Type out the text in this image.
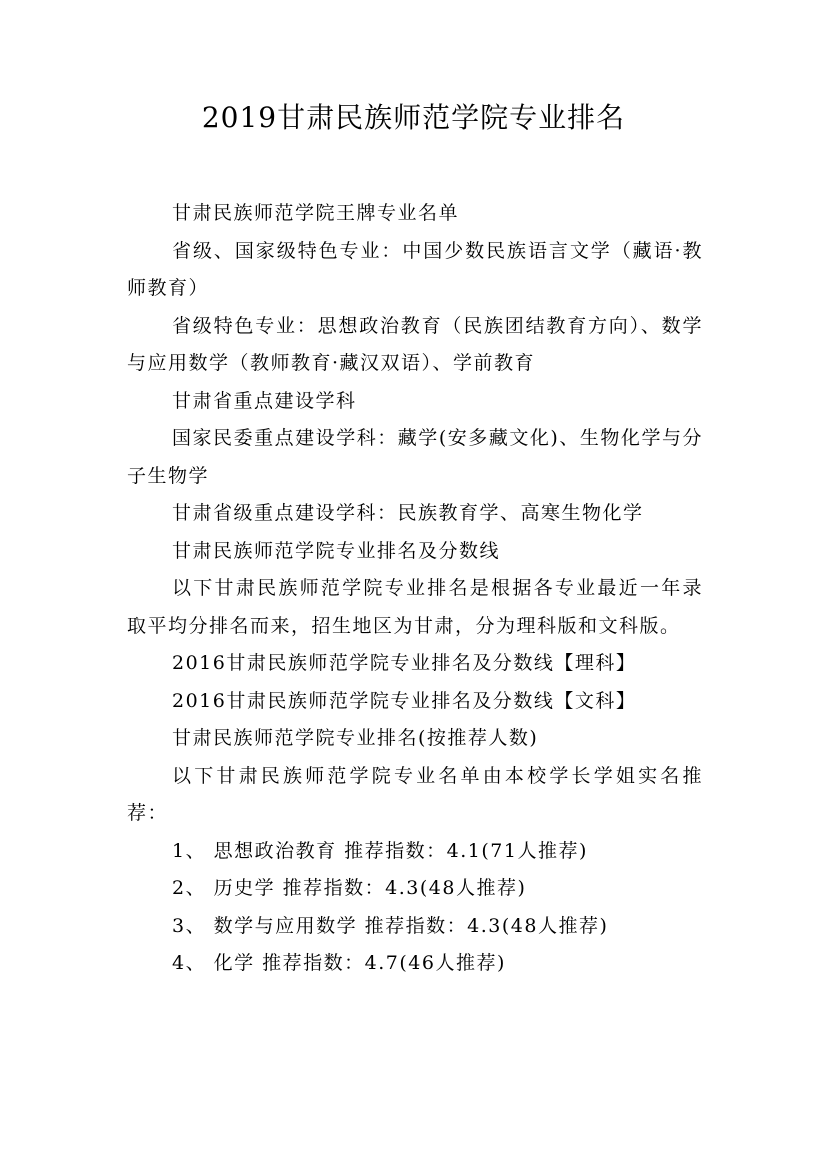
2019甘肃民族师范学院专业排名

甘肃民族师范学院王牌专业名单

省级、国家级特色专业：中国少数民族语言文学（藏语·教师教育）

省级特色专业：思想政治教育（民族团结教育方向）、数学与应用数学（教师教育·藏汉双语）、学前教育

甘肃省重点建设学科

国家民委重点建设学科：藏学(安多藏文化)、生物化学与分子生物学

甘肃省级重点建设学科：民族教育学、高寒生物化学

甘肃民族师范学院专业排名及分数线

以下甘肃民族师范学院专业排名是根据各专业最近一年录取平均分排名而来，招生地区为甘肃，分为理科版和文科版。

2016甘肃民族师范学院专业排名及分数线【理科】

2016甘肃民族师范学院专业排名及分数线【文科】

甘肃民族师范学院专业排名(按推荐人数)

以下甘肃民族师范学院专业名单由本校学长学姐实名推荐：

1、 思想政治教育 推荐指数：4.1(71人推荐)

2、 历史学 推荐指数：4.3(48人推荐)

3、 数学与应用数学 推荐指数：4.3(48人推荐)

4、 化学 推荐指数：4.7(46人推荐)
